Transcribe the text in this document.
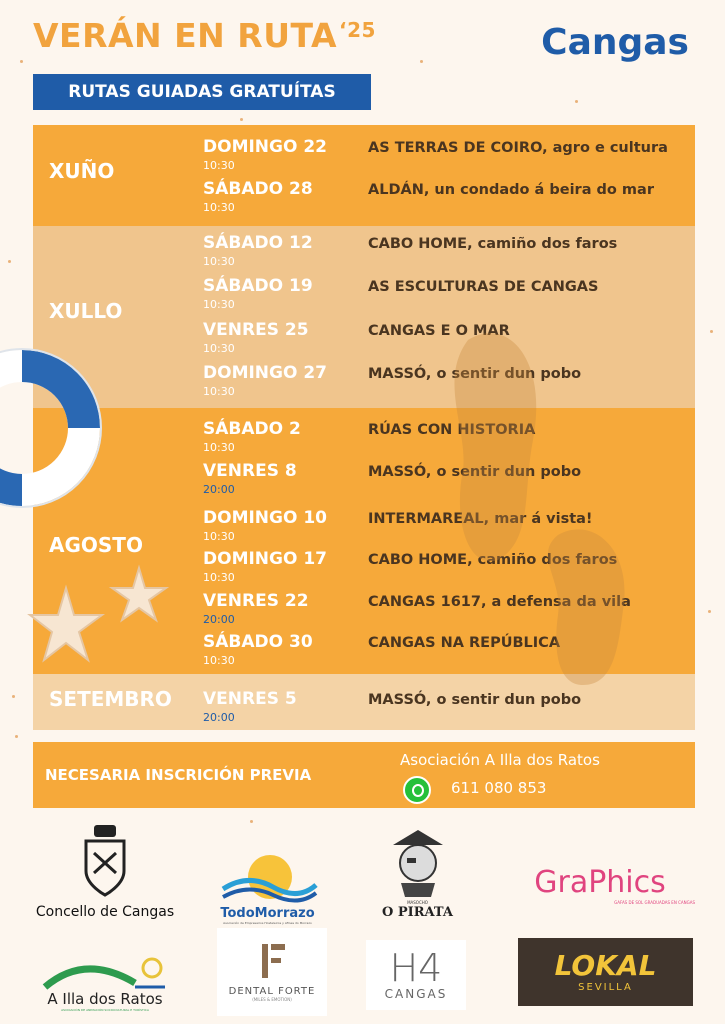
VERÁN EN RUTA $^{‘25}$	Cangas
RUTAS GUIADAS GRATUÍTAS
XUÑO
DOMINGO 22
10:30
AS TERRAS DE COIRO, agro e cultura
SÁBADO 28
10:30
ALDÁN, un condado á beira do mar
XULLO
SÁBADO 12
10:30
CABO HOME, camiño dos faros
SÁBADO 19
10:30
AS ESCULTURAS DE CANGAS
VENRES 25
10:30
CANGAS E O MAR
DOMINGO 27
10:30
MASSÓ, o sentir dun pobo
AGOSTO
SÁBADO 2
10:30
RÚAS CON HISTORIA
VENRES 8
20:00
MASSÓ, o sentir dun pobo
DOMINGO 10
10:30
INTERMAREAL, mar á vista!
DOMINGO 17
10:30
CABO HOME, camiño dos faros
VENRES 22
20:00
CANGAS 1617, a defensa da vila
SÁBADO 30
10:30
CANGAS NA REPÚBLICA
SETEMBRO VENRES 5
20:00
MASSÓ, o sentir dun pobo
NECESARIA INSCRICIÓN PREVIA
Asociación A Illa dos Ratos
611 080 853
Concello de Cangas	TodoMorrazo
Asociación de Empresarios Hosteleiros y Afines do Morrazo
MASOCHO
O PIRATA
GraPhics
GAFAS DE SOL GRADUADAS EN CANGAS
A Illa dos Ratos
ASOCIACIÓN DE ANIMACIÓN SOCIOCULTURAL E TURÍSTICA
DENTAL FORTE
(MILES & EMOTION)
H4
CANGAS
LOKAL
SEVILLA
